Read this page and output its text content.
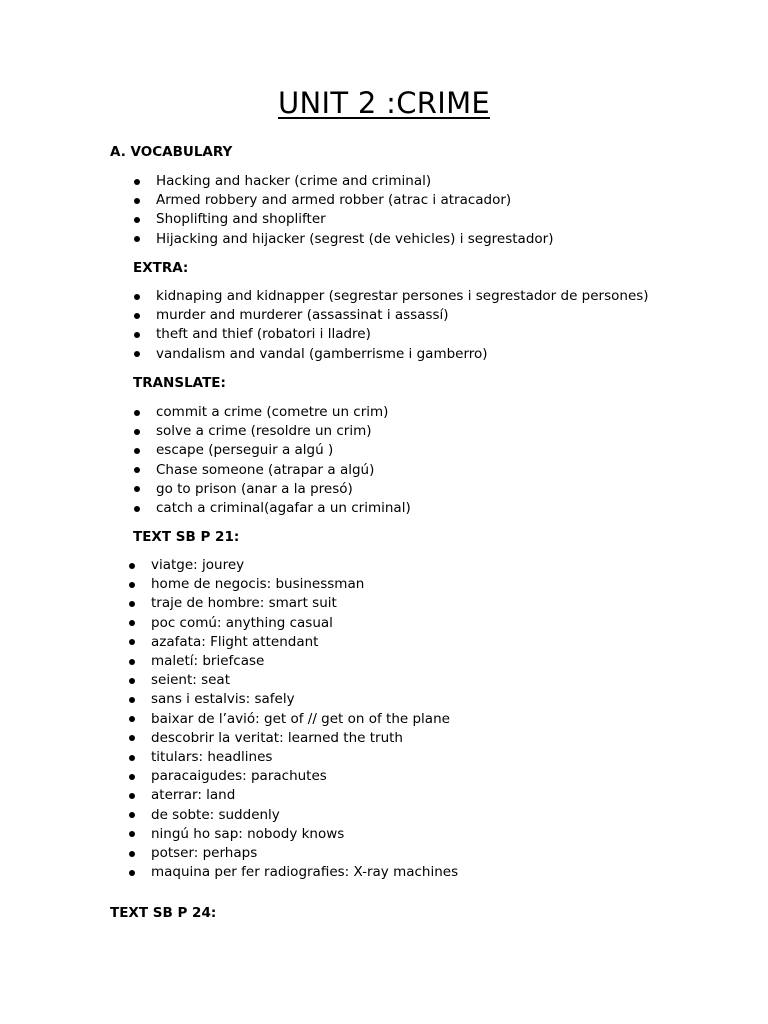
UNIT 2 :CRIME
A. VOCABULARY
Hacking and hacker (crime and criminal)
Armed robbery and armed robber (atrac i atracador)
Shoplifting and shoplifter
Hijacking and hijacker (segrest (de vehicles) i segrestador)
EXTRA:
kidnaping and kidnapper (segrestar persones i segrestador de persones)
murder and murderer (assassinat i assassí)
theft and thief (robatori i lladre)
vandalism and vandal (gamberrisme i gamberro)
TRANSLATE:
commit a crime (cometre un crim)
solve a crime (resoldre un crim)
escape (perseguir a algú )
Chase someone (atrapar a algú)
go to prison (anar a la presó)
catch a criminal(agafar a un criminal)
TEXT SB P 21:
viatge: jourey
home de negocis: businessman
traje de hombre: smart suit
poc comú: anything casual
azafata: Flight attendant
maletí: briefcase
seient: seat
sans i estalvis: safely
baixar de l’avió: get of // get on of the plane
descobrir la veritat: learned the truth
titulars: headlines
paracaigudes: parachutes
aterrar: land
de sobte: suddenly
ningú ho sap: nobody knows
potser: perhaps
maquina per fer radiografies: X-ray machines
TEXT SB P 24:
